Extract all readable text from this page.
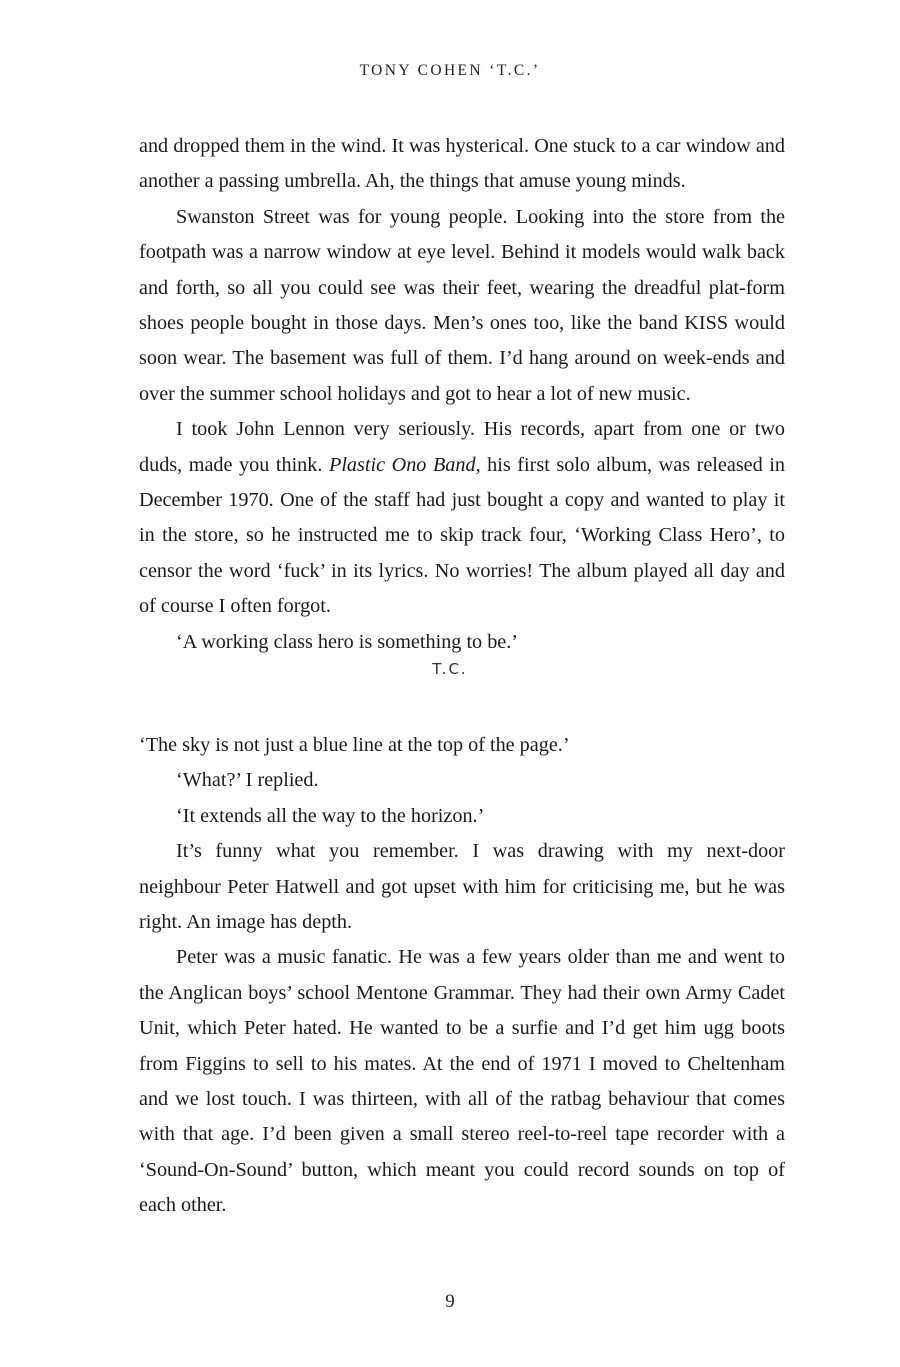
TONY COHEN ‘T.C.’

and dropped them in the wind. It was hysterical. One stuck to a car window and another a passing umbrella. Ah, the things that amuse young minds.

Swanston Street was for young people. Looking into the store from the footpath was a narrow window at eye level. Behind it models would walk back and forth, so all you could see was their feet, wearing the dreadful plat-form shoes people bought in those days. Men’s ones too, like the band KISS would soon wear. The basement was full of them. I’d hang around on week-ends and over the summer school holidays and got to hear a lot of new music.

I took John Lennon very seriously. His records, apart from one or two duds, made you think. Plastic Ono Band, his first solo album, was released in December 1970. One of the staff had just bought a copy and wanted to play it in the store, so he instructed me to skip track four, ‘Working Class Hero’, to censor the word ‘fuck’ in its lyrics. No worries! The album played all day and of course I often forgot.

‘A working class hero is something to be.’

T.C.

‘The sky is not just a blue line at the top of the page.’

‘What?’ I replied.

‘It extends all the way to the horizon.’

It’s funny what you remember. I was drawing with my next-door neighbour Peter Hatwell and got upset with him for criticising me, but he was right. An image has depth.

Peter was a music fanatic. He was a few years older than me and went to the Anglican boys’ school Mentone Grammar. They had their own Army Cadet Unit, which Peter hated. He wanted to be a surfie and I’d get him ugg boots from Figgins to sell to his mates. At the end of 1971 I moved to Cheltenham and we lost touch. I was thirteen, with all of the ratbag behaviour that comes with that age. I’d been given a small stereo reel-to-reel tape recorder with a ‘Sound-On-Sound’ button, which meant you could record sounds on top of each other.

9
